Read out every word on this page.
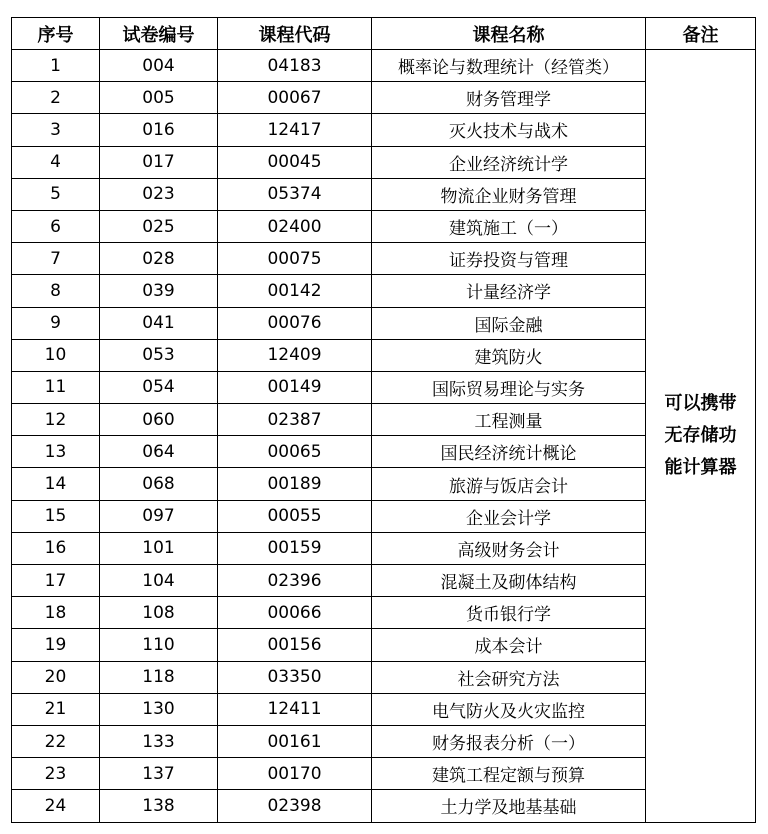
序号	试卷编号	课程代码	课程名称	备注
1	004	04183	概率论与数理统计（经管类）	可以携带
无存储功
能计算器

2	005	00067	财务管理学	
3	016	12417	灭火技术与战术	
4	017	00045	企业经济统计学	
5	023	05374	物流企业财务管理	
6	025	02400	建筑施工（一）	
7	028	00075	证券投资与管理	
8	039	00142	计量经济学	
9	041	00076	国际金融	
10	053	12409	建筑防火	
11	054	00149	国际贸易理论与实务	
12	060	02387	工程测量	
13	064	00065	国民经济统计概论	
14	068	00189	旅游与饭店会计	
15	097	00055	企业会计学	
16	101	00159	高级财务会计	
17	104	02396	混凝土及砌体结构	
18	108	00066	货币银行学	
19	110	00156	成本会计	
20	118	03350	社会研究方法	
21	130	12411	电气防火及火灾监控	
22	133	00161	财务报表分析（一）	
23	137	00170	建筑工程定额与预算	
24	138	02398	土力学及地基基础	
